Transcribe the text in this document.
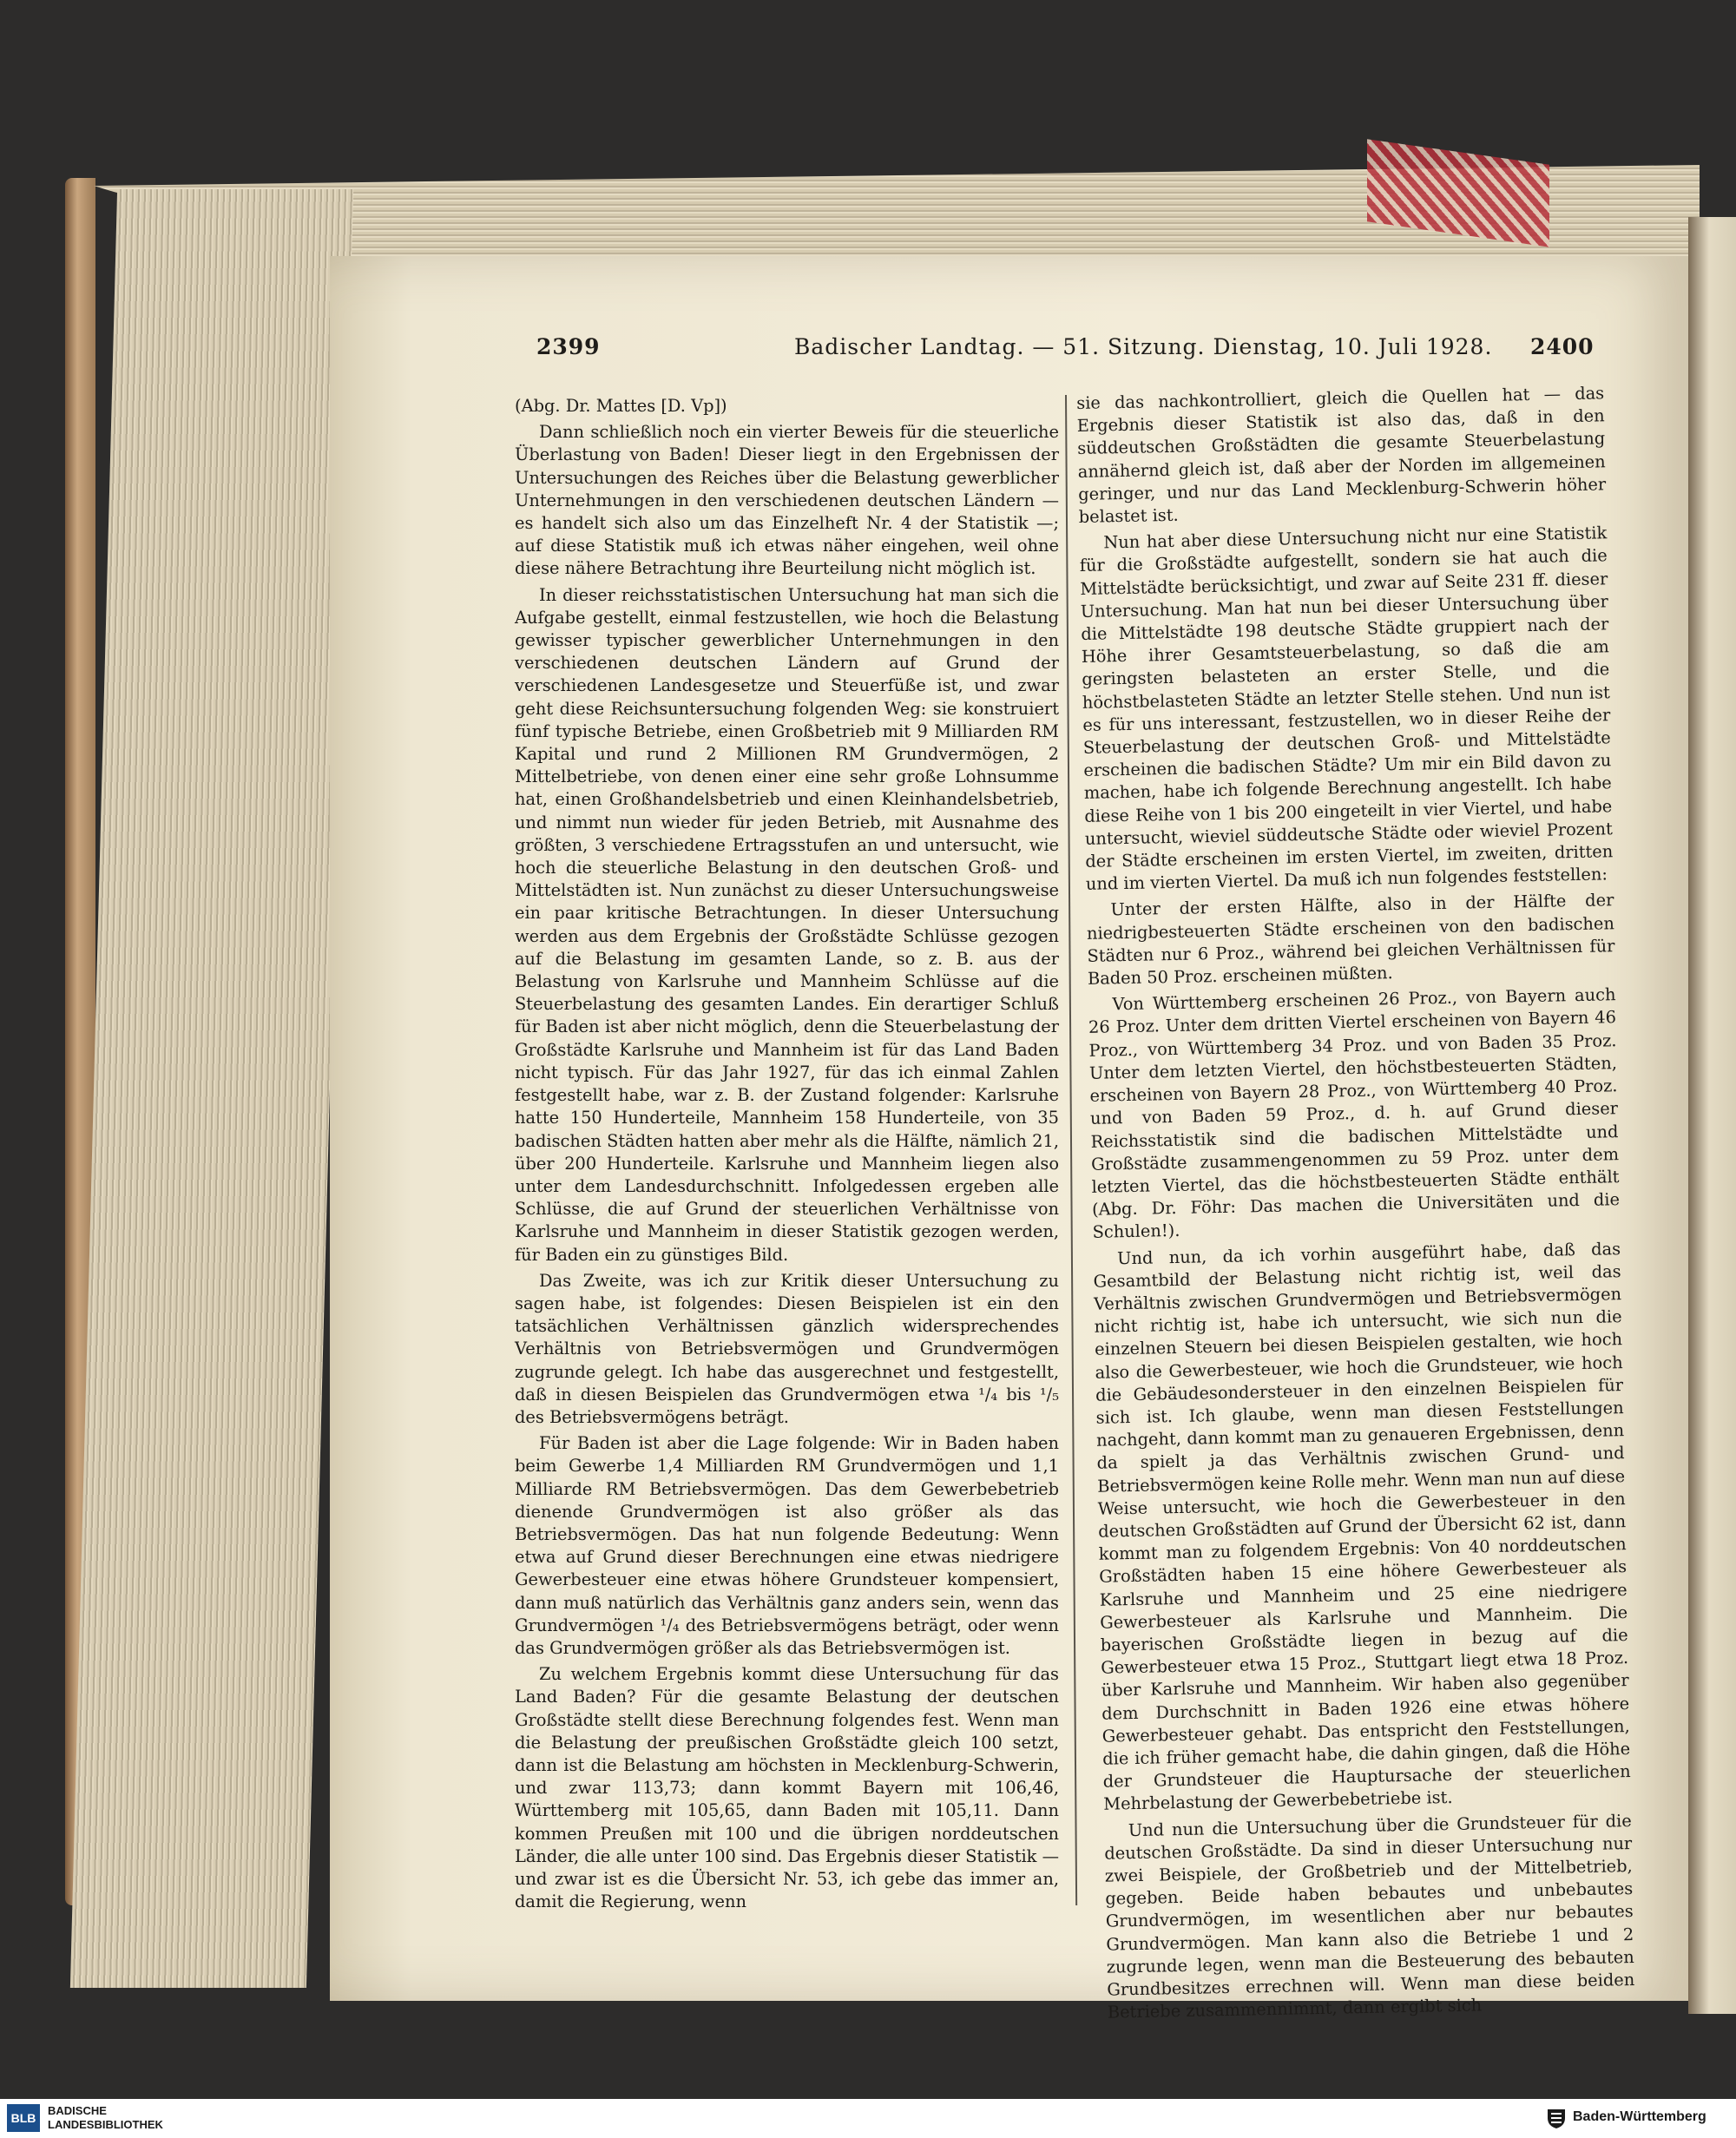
2399	Badischer Landtag. — 51. Sitzung. Dienstag, 10. Juli 1928. 2400

(Abg. Dr. Mattes [D. Vp])

Dann schließlich noch ein vierter Beweis für die steuerliche Überlastung von Baden! Dieser liegt in den Ergebnissen der Untersuchungen des Reiches über die Belastung gewerblicher Unternehmungen in den verschiedenen deutschen Ländern — es handelt sich also um das Einzelheft Nr. 4 der Statistik —; auf diese Statistik muß ich etwas näher eingehen, weil ohne diese nähere Betrachtung ihre Beurteilung nicht möglich ist.

In dieser reichsstatistischen Untersuchung hat man sich die Aufgabe gestellt, einmal festzustellen, wie hoch die Belastung gewisser typischer gewerblicher Unternehmungen in den verschiedenen deutschen Ländern auf Grund der verschiedenen Landesgesetze und Steuerfüße ist, und zwar geht diese Reichsuntersuchung folgenden Weg: sie konstruiert fünf typische Betriebe, einen Großbetrieb mit 9 Milliarden RM Kapital und rund 2 Millionen RM Grundvermögen, 2 Mittelbetriebe, von denen einer eine sehr große Lohnsumme hat, einen Großhandelsbetrieb und einen Kleinhandelsbetrieb, und nimmt nun wieder für jeden Betrieb, mit Ausnahme des größten, 3 verschiedene Ertragsstufen an und untersucht, wie hoch die steuerliche Belastung in den deutschen Groß- und Mittelstädten ist. Nun zunächst zu dieser Untersuchungsweise ein paar kritische Betrachtungen. In dieser Untersuchung werden aus dem Ergebnis der Großstädte Schlüsse gezogen auf die Belastung im gesamten Lande, so z. B. aus der Belastung von Karlsruhe und Mannheim Schlüsse auf die Steuerbelastung des gesamten Landes. Ein derartiger Schluß für Baden ist aber nicht möglich, denn die Steuerbelastung der Großstädte Karlsruhe und Mannheim ist für das Land Baden nicht typisch. Für das Jahr 1927, für das ich einmal Zahlen festgestellt habe, war z. B. der Zustand folgender: Karlsruhe hatte 150 Hunderteile, Mannheim 158 Hunderteile, von 35 badischen Städten hatten aber mehr als die Hälfte, nämlich 21, über 200 Hunderteile. Karlsruhe und Mannheim liegen also unter dem Landesdurchschnitt. Infolgedessen ergeben alle Schlüsse, die auf Grund der steuerlichen Verhältnisse von Karlsruhe und Mannheim in dieser Statistik gezogen werden, für Baden ein zu günstiges Bild.

Das Zweite, was ich zur Kritik dieser Untersuchung zu sagen habe, ist folgendes: Diesen Beispielen ist ein den tatsächlichen Verhältnissen gänzlich widersprechendes Verhältnis von Betriebsvermögen und Grundvermögen zugrunde gelegt. Ich habe das ausgerechnet und festgestellt, daß in diesen Beispielen das Grundvermögen etwa ¹/₄ bis ¹/₅ des Betriebsvermögens beträgt.

Für Baden ist aber die Lage folgende: Wir in Baden haben beim Gewerbe 1,4 Milliarden RM Grundvermögen und 1,1 Milliarde RM Betriebsvermögen. Das dem Gewerbebetrieb dienende Grundvermögen ist also größer als das Betriebsvermögen. Das hat nun folgende Bedeutung: Wenn etwa auf Grund dieser Berechnungen eine etwas niedrigere Gewerbesteuer eine etwas höhere Grundsteuer kompensiert, dann muß natürlich das Verhältnis ganz anders sein, wenn das Grundvermögen ¹/₄ des Betriebsvermögens beträgt, oder wenn das Grundvermögen größer als das Betriebsvermögen ist.

Zu welchem Ergebnis kommt diese Untersuchung für das Land Baden? Für die gesamte Belastung der deutschen Großstädte stellt diese Berechnung folgendes fest. Wenn man die Belastung der preußischen Großstädte gleich 100 setzt, dann ist die Belastung am höchsten in Mecklenburg-Schwerin, und zwar 113,73; dann kommt Bayern mit 106,46, Württemberg mit 105,65, dann Baden mit 105,11. Dann kommen Preußen mit 100 und die übrigen norddeutschen Länder, die alle unter 100 sind. Das Ergebnis dieser Statistik — und zwar ist es die Übersicht Nr. 53, ich gebe das immer an, damit die Regierung, wenn

sie das nachkontrolliert, gleich die Quellen hat — das Ergebnis dieser Statistik ist also das, daß in den süddeutschen Großstädten die gesamte Steuerbelastung annähernd gleich ist, daß aber der Norden im allgemeinen geringer, und nur das Land Mecklenburg-Schwerin höher belastet ist.

Nun hat aber diese Untersuchung nicht nur eine Statistik für die Großstädte aufgestellt, sondern sie hat auch die Mittelstädte berücksichtigt, und zwar auf Seite 231 ff. dieser Untersuchung. Man hat nun bei dieser Untersuchung über die Mittelstädte 198 deutsche Städte gruppiert nach der Höhe ihrer Gesamtsteuerbelastung, so daß die am geringsten belasteten an erster Stelle, und die höchstbelasteten Städte an letzter Stelle stehen. Und nun ist es für uns interessant, festzustellen, wo in dieser Reihe der Steuerbelastung der deutschen Groß- und Mittelstädte erscheinen die badischen Städte? Um mir ein Bild davon zu machen, habe ich folgende Berechnung angestellt. Ich habe diese Reihe von 1 bis 200 eingeteilt in vier Viertel, und habe untersucht, wieviel süddeutsche Städte oder wieviel Prozent der Städte erscheinen im ersten Viertel, im zweiten, dritten und im vierten Viertel. Da muß ich nun folgendes feststellen:

Unter der ersten Hälfte, also in der Hälfte der niedrigbesteuerten Städte erscheinen von den badischen Städten nur 6 Proz., während bei gleichen Verhältnissen für Baden 50 Proz. erscheinen müßten.

Von Württemberg erscheinen 26 Proz., von Bayern auch 26 Proz. Unter dem dritten Viertel erscheinen von Bayern 46 Proz., von Württemberg 34 Proz. und von Baden 35 Proz. Unter dem letzten Viertel, den höchstbesteuerten Städten, erscheinen von Bayern 28 Proz., von Württemberg 40 Proz. und von Baden 59 Proz., d. h. auf Grund dieser Reichsstatistik sind die badischen Mittelstädte und Großstädte zusammengenommen zu 59 Proz. unter dem letzten Viertel, das die höchstbesteuerten Städte enthält (Abg. Dr. Föhr: Das machen die Universitäten und die Schulen!).

Und nun, da ich vorhin ausgeführt habe, daß das Gesamtbild der Belastung nicht richtig ist, weil das Verhältnis zwischen Grundvermögen und Betriebsvermögen nicht richtig ist, habe ich untersucht, wie sich nun die einzelnen Steuern bei diesen Beispielen gestalten, wie hoch also die Gewerbesteuer, wie hoch die Grundsteuer, wie hoch die Gebäudesondersteuer in den einzelnen Beispielen für sich ist. Ich glaube, wenn man diesen Feststellungen nachgeht, dann kommt man zu genaueren Ergebnissen, denn da spielt ja das Verhältnis zwischen Grund- und Betriebsvermögen keine Rolle mehr. Wenn man nun auf diese Weise untersucht, wie hoch die Gewerbesteuer in den deutschen Großstädten auf Grund der Übersicht 62 ist, dann kommt man zu folgendem Ergebnis: Von 40 norddeutschen Großstädten haben 15 eine höhere Gewerbesteuer als Karlsruhe und Mannheim und 25 eine niedrigere Gewerbesteuer als Karlsruhe und Mannheim. Die bayerischen Großstädte liegen in bezug auf die Gewerbesteuer etwa 15 Proz., Stuttgart liegt etwa 18 Proz. über Karlsruhe und Mannheim. Wir haben also gegenüber dem Durchschnitt in Baden 1926 eine etwas höhere Gewerbesteuer gehabt. Das entspricht den Feststellungen, die ich früher gemacht habe, die dahin gingen, daß die Höhe der Grundsteuer die Hauptursache der steuerlichen Mehrbelastung der Gewerbebetriebe ist.

Und nun die Untersuchung über die Grundsteuer für die deutschen Großstädte. Da sind in dieser Untersuchung nur zwei Beispiele, der Großbetrieb und der Mittelbetrieb, gegeben. Beide haben bebautes und unbebautes Grundvermögen, im wesentlichen aber nur bebautes Grundvermögen. Man kann also die Betriebe 1 und 2 zugrunde legen, wenn man die Besteuerung des bebauten Grundbesitzes errechnen will. Wenn man diese beiden Betriebe zusammennimmt, dann ergibt sich

BLB
BADISCHE
LANDESBIBLIOTHEK
Baden-Württemberg
